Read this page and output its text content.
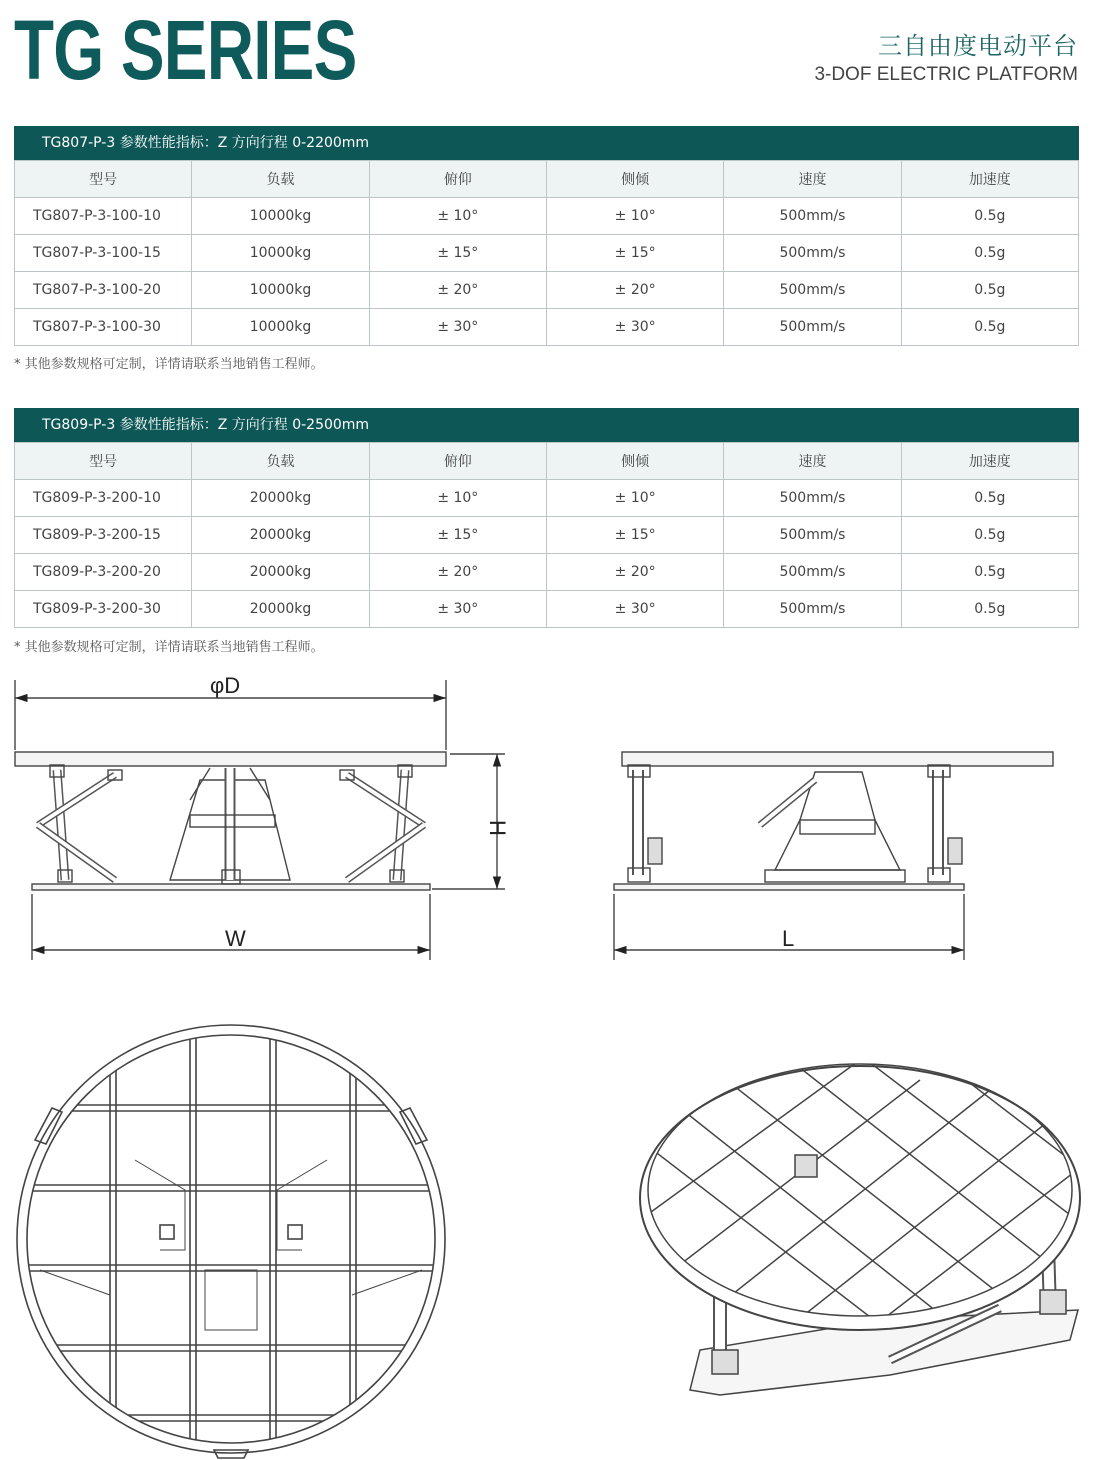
TG SERIES	三自由度电动平台
3-DOF ELECTRIC PLATFORM
TG807-P-3 参数性能指标：Z 方向行程 0-2200mm
型号	负载	俯仰	侧倾	速度	加速度
TG807-P-3-100-10	10000kg	± 10°	± 10°	500mm/s	0.5g
TG807-P-3-100-15	10000kg	± 15°	± 15°	500mm/s	0.5g
TG807-P-3-100-20	10000kg	± 20°	± 20°	500mm/s	0.5g
TG807-P-3-100-30	10000kg	± 30°	± 30°	500mm/s	0.5g
* 其他参数规格可定制，详情请联系当地销售工程师。
TG809-P-3 参数性能指标：Z 方向行程 0-2500mm
型号	负载	俯仰	侧倾	速度	加速度
TG809-P-3-200-10	20000kg	± 10°	± 10°	500mm/s	0.5g
TG809-P-3-200-15	20000kg	± 15°	± 15°	500mm/s	0.5g
TG809-P-3-200-20	20000kg	± 20°	± 20°	500mm/s	0.5g
TG809-P-3-200-30	20000kg	± 30°	± 30°	500mm/s	0.5g
* 其他参数规格可定制，详情请联系当地销售工程师。
φD
H
W	L
